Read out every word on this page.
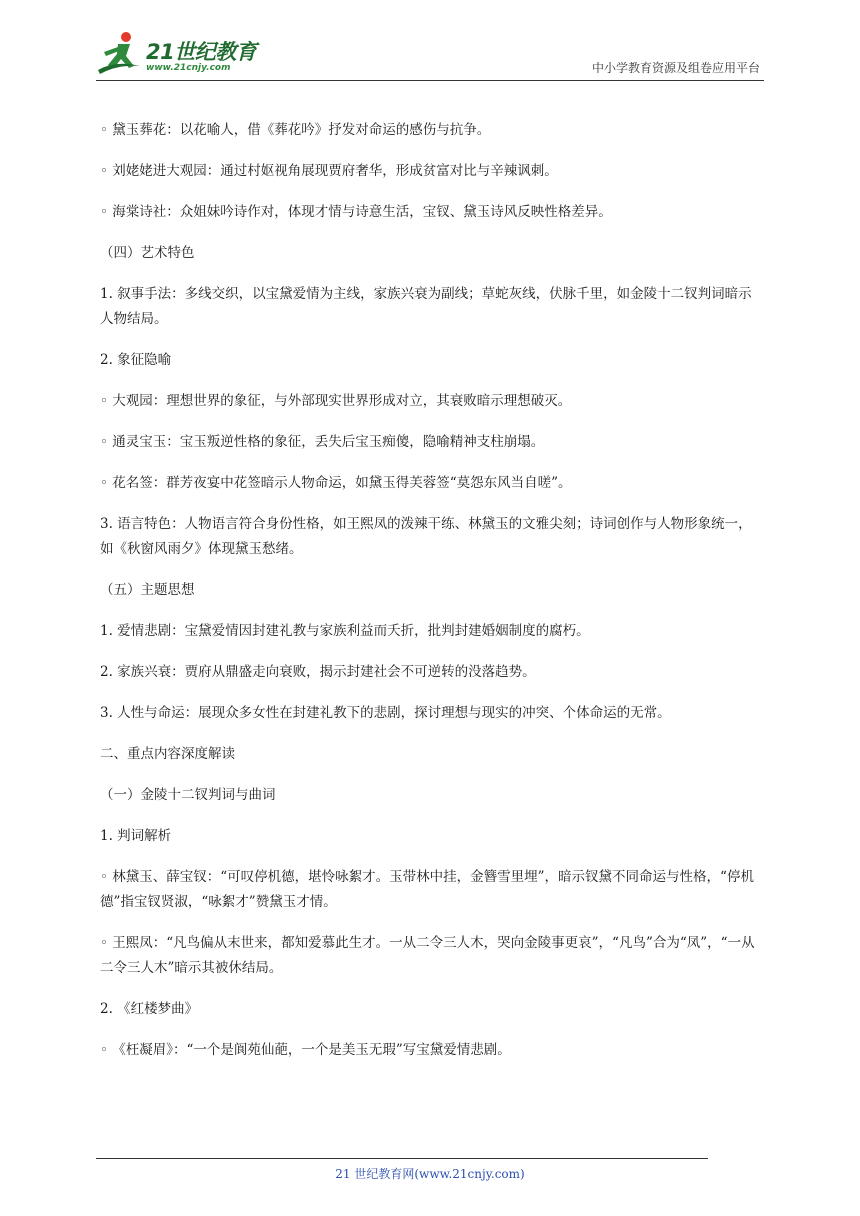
21世纪教育
www.21cnjy.com	中小学教育资源及组卷应用平台

◦ 黛玉葬花：以花喻人，借《葬花吟》抒发对命运的感伤与抗争。

◦ 刘姥姥进大观园：通过村妪视角展现贾府奢华，形成贫富对比与辛辣讽刺。

◦ 海棠诗社：众姐妹吟诗作对，体现才情与诗意生活，宝钗、黛玉诗风反映性格差异。

（四）艺术特色

1. 叙事手法：多线交织，以宝黛爱情为主线，家族兴衰为副线；草蛇灰线，伏脉千里，如金陵十二钗判词暗示人物结局。

2. 象征隐喻

◦ 大观园：理想世界的象征，与外部现实世界形成对立，其衰败暗示理想破灭。

◦ 通灵宝玉：宝玉叛逆性格的象征，丢失后宝玉痴傻，隐喻精神支柱崩塌。

◦ 花名签：群芳夜宴中花签暗示人物命运，如黛玉得芙蓉签“莫怨东风当自嗟”。

3. 语言特色：人物语言符合身份性格，如王熙凤的泼辣干练、林黛玉的文雅尖刻；诗词创作与人物形象统一，如《秋窗风雨夕》体现黛玉愁绪。

（五）主题思想

1. 爱情悲剧：宝黛爱情因封建礼教与家族利益而夭折，批判封建婚姻制度的腐朽。

2. 家族兴衰：贾府从鼎盛走向衰败，揭示封建社会不可逆转的没落趋势。

3. 人性与命运：展现众多女性在封建礼教下的悲剧，探讨理想与现实的冲突、个体命运的无常。

二、重点内容深度解读

（一）金陵十二钗判词与曲词

1. 判词解析

◦ 林黛玉、薛宝钗：“可叹停机德，堪怜咏絮才。玉带林中挂，金簪雪里埋”，暗示钗黛不同命运与性格，“停机德”指宝钗贤淑，“咏絮才”赞黛玉才情。

◦ 王熙凤：“凡鸟偏从末世来，都知爱慕此生才。一从二令三人木，哭向金陵事更哀”，“凡鸟”合为“凤”，“一从二令三人木”暗示其被休结局。

2. 《红楼梦曲》

◦ 《枉凝眉》：“一个是阆苑仙葩，一个是美玉无瑕”写宝黛爱情悲剧。

21 世纪教育网(www.21cnjy.com)
